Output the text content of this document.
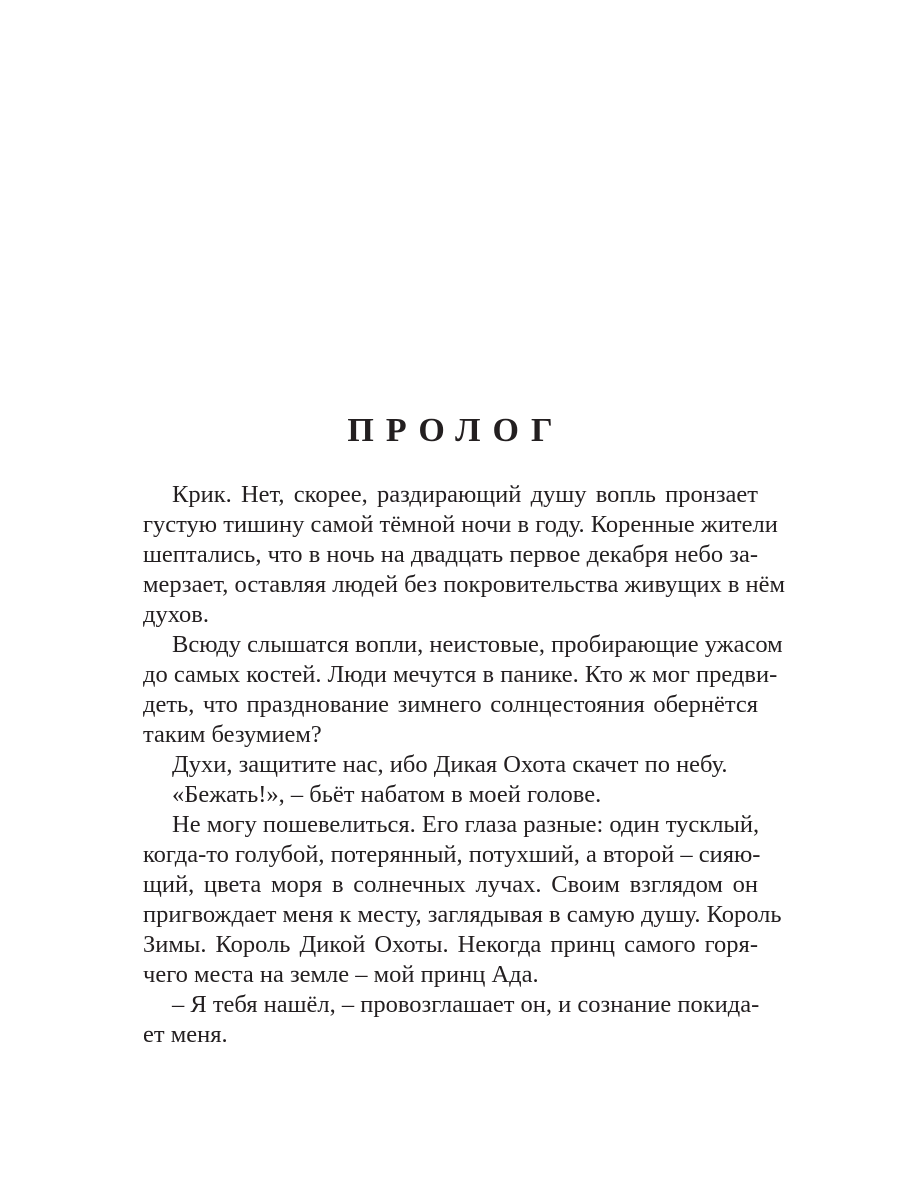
ПРОЛОГ
Крик. Нет, скорее, раздирающий душу вопль пронзает
густую тишину самой тёмной ночи в году. Коренные жители
шептались, что в ночь на двадцать первое декабря небо за-
мерзает, оставляя людей без покровительства живущих в нём
духов.
Всюду слышатся вопли, неистовые, пробирающие ужасом
до самых костей. Люди мечутся в панике. Кто ж мог предви-
деть, что празднование зимнего солнцестояния обернётся
таким безумием?
Духи, защитите нас, ибо Дикая Охота скачет по небу.
«Бежать!», – бьёт набатом в моей голове.
Не могу пошевелиться. Его глаза разные: один тусклый,
когда-то голубой, потерянный, потухший, а второй – сияю-
щий, цвета моря в солнечных лучах. Своим взглядом он
пригвождает меня к месту, заглядывая в самую душу. Король
Зимы. Король Дикой Охоты. Некогда принц самого горя-
чего места на земле – мой принц Ада.
– Я тебя нашёл, – провозглашает он, и сознание покида-
ет меня.
